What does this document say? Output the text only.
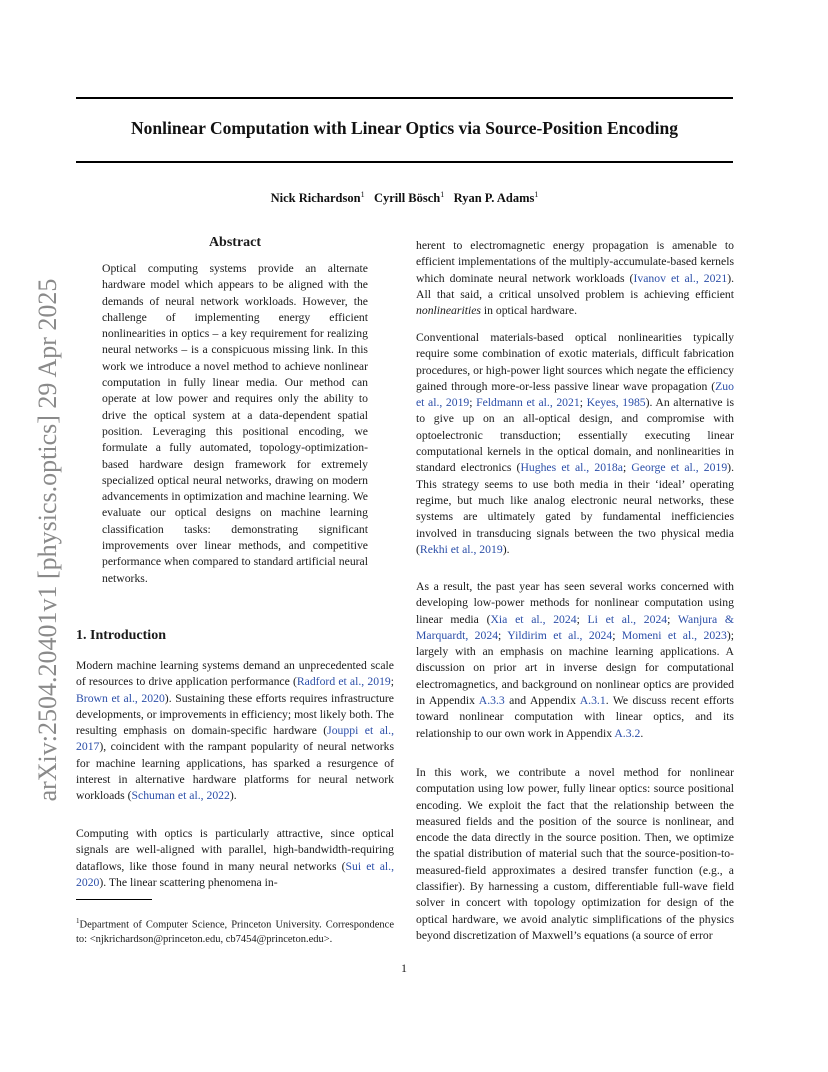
Nonlinear Computation with Linear Optics via Source-Position Encoding
Nick Richardson$^1$ Cyrill Bösch$^1$ Ryan P. Adams$^1$
arXiv:2504.20401v1 [physics.optics] 29 Apr 2025
Abstract

Optical computing systems provide an alternate hardware model which appears to be aligned with the demands of neural network workloads. However, the challenge of implementing energy efficient nonlinearities in optics – a key requirement for realizing neural networks – is a conspicuous missing link. In this work we introduce a novel method to achieve nonlinear computation in fully linear media. Our method can operate at low power and requires only the ability to drive the optical system at a data-dependent spatial position. Leveraging this positional encoding, we formulate a fully automated, topology-optimization-based hardware design framework for extremely specialized optical neural networks, drawing on modern advancements in optimization and machine learning. We evaluate our optical designs on machine learning classification tasks: demonstrating significant improvements over linear methods, and competitive performance when compared to standard artificial neural networks.

1. Introduction

Modern machine learning systems demand an unprecedented scale of resources to drive application performance (Radford et al., 2019; Brown et al., 2020). Sustaining these efforts requires infrastructure developments, or improvements in efficiency; most likely both. The resulting emphasis on domain-specific hardware (Jouppi et al., 2017), coincident with the rampant popularity of neural networks for machine learning applications, has sparked a resurgence of interest in alternative hardware platforms for neural network workloads (Schuman et al., 2022).

Computing with optics is particularly attractive, since optical signals are well-aligned with parallel, high-bandwidth-requiring dataflows, like those found in many neural networks (Sui et al., 2020). The linear scattering phenomena in-

$^1$Department of Computer Science, Princeton University. Correspondence to: <njkrichardson@princeton.edu, cb7454@princeton.edu>.

herent to electromagnetic energy propagation is amenable to efficient implementations of the multiply-accumulate-based kernels which dominate neural network workloads (Ivanov et al., 2021). All that said, a critical unsolved problem is achieving efficient nonlinearities in optical hardware.

Conventional materials-based optical nonlinearities typically require some combination of exotic materials, difficult fabrication procedures, or high-power light sources which negate the efficiency gained through more-or-less passive linear wave propagation (Zuo et al., 2019; Feldmann et al., 2021; Keyes, 1985). An alternative is to give up on an all-optical design, and compromise with optoelectronic transduction; essentially executing linear computational kernels in the optical domain, and nonlinearities in standard electronics (Hughes et al., 2018a; George et al., 2019). This strategy seems to use both media in their ‘ideal’ operating regime, but much like analog electronic neural networks, these systems are ultimately gated by fundamental inefficiencies involved in transducing signals between the two physical media (Rekhi et al., 2019).

As a result, the past year has seen several works concerned with developing low-power methods for nonlinear computation using linear media (Xia et al., 2024; Li et al., 2024; Wanjura & Marquardt, 2024; Yildirim et al., 2024; Momeni et al., 2023); largely with an emphasis on machine learning applications. A discussion on prior art in inverse design for computational electromagnetics, and background on nonlinear optics are provided in Appendix A.3.3 and Appendix A.3.1. We discuss recent efforts toward nonlinear computation with linear optics, and its relationship to our own work in Appendix A.3.2.

In this work, we contribute a novel method for nonlinear computation using low power, fully linear optics: source positional encoding. We exploit the fact that the relationship between the measured fields and the position of the source is nonlinear, and encode the data directly in the source position. Then, we optimize the spatial distribution of material such that the source-position-to-measured-field approximates a desired transfer function (e.g., a classifier). By harnessing a custom, differentiable full-wave field solver in concert with topology optimization for design of the optical hardware, we avoid analytic simplifications of the physics beyond discretization of Maxwell’s equations (a source of error

1
